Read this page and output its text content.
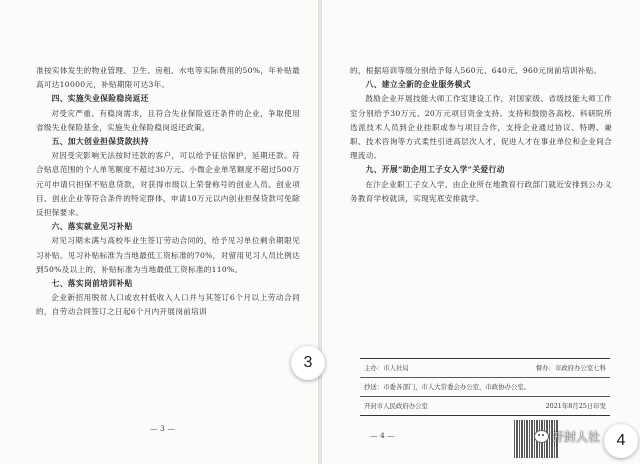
准按实体发生的物业管理、卫生、房租、水电等实际费用的50%，年补贴最高可达10000元，补贴期限可达3年。

四、实施失业保险稳岗返还

对受灾严重、有稳岗需求，且符合失业保险返还条件的企业，争取使用省级失业保险基金，实施失业保险稳岗返还政策。

五、加大创业担保贷款扶持

对因受灾影响无法按时还款的客户，可以给予征信保护，延期还款。符合贴息范围的个人单笔额度不超过30万元、小微企业单笔额度不超过500万元可申请只担保不贴息贷款，对获得市级以上荣誉称号的创业人员、创业项目、创业企业等符合条件的特定群体，申请10万元以内创业担保贷款可免除反担保要求。

六、落实就业见习补贴

对见习期未满与高校毕业生签订劳动合同的，给予见习单位剩余期限见习补贴。见习补贴标准为当地最低工资标准的70%，对留用见习人员比例达到50%及以上的，补贴标准为当地最低工资标准的110%。

七、落实岗前培训补贴

企业新招用脱贫人口或农村低收入人口并与其签订6个月以上劳动合同的，自劳动合同签订之日起6个月内开展岗前培训

— 3 —

的，根据培训等级分别给予每人560元、640元、960元岗前培训补贴。

八、建立全新的企业服务模式

鼓励企业开展技能大师工作室建设工作，对国家级、省级技能大师工作室分别给予30万元、20万元项目资金支持。支持和鼓励各高校、科研院所选派技术人员到企业挂职或参与项目合作，支持企业通过协议、特聘、兼职、技术咨询等方式柔性引进高层次人才，促进人才在事业单位和企业间合理流动。

九、开展“助企用工子女入学”关爱行动

在汴企业职工子女入学，由企业所在地教育行政部门就近安排到公办义务教育学校就读，实现宪底安排就学。

— 4 —
主办：市人社局	督办：市政府办公室七科
抄送：市委各部门，市人大常委会办公室，市政协办公室。
开封市人民政府办公室	2021年8月25日印发
开封人社
3
4
